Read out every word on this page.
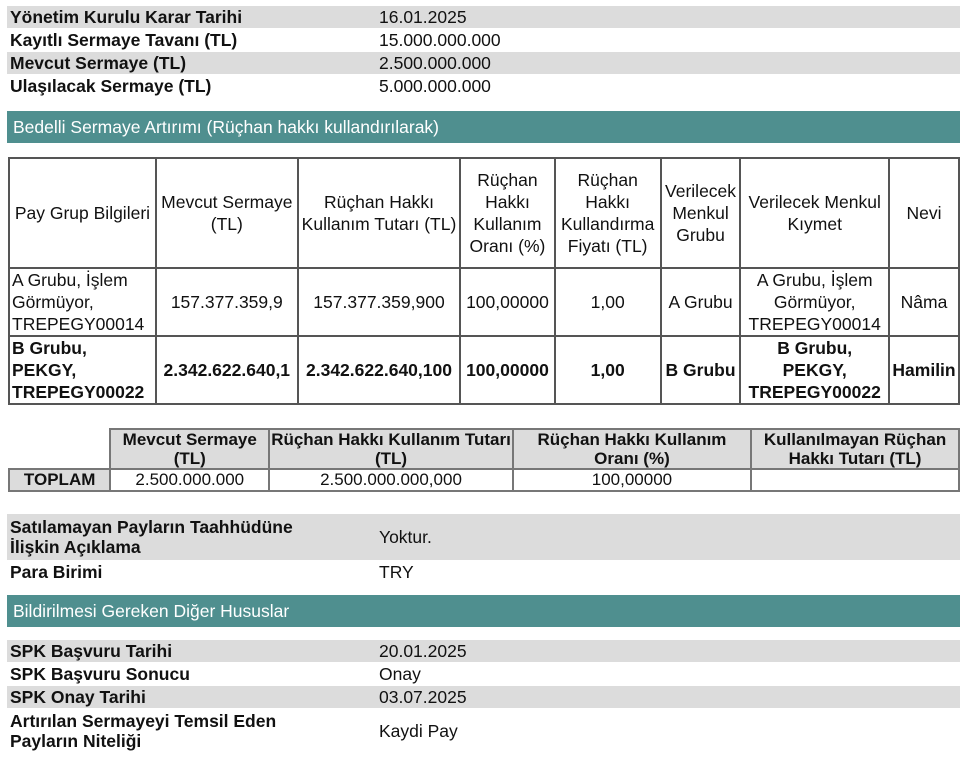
Yönetim Kurulu Karar Tarihi	16.01.2025
Kayıtlı Sermaye Tavanı (TL)	15.000.000.000
Mevcut Sermaye (TL)	2.500.000.000
Ulaşılacak Sermaye (TL)	5.000.000.000
Bedelli Sermaye Artırımı (Rüçhan hakkı kullandırılarak)
Pay Grup Bilgileri	Mevcut Sermaye (TL)	Rüçhan Hakkı Kullanım Tutarı (TL)	Rüçhan Hakkı Kullanım Oranı (%)	Rüçhan Hakkı Kullandırma Fiyatı (TL)	Verilecek Menkul Grubu	Verilecek Menkul Kıymet	Nevi
A Grubu, İşlem Görmüyor, TREPEGY00014	157.377.359,9	157.377.359,900	100,00000	1,00	A Grubu	A Grubu, İşlem Görmüyor, TREPEGY00014	Nâma
B Grubu, PEKGY, TREPEGY00022	2.342.622.640,1	2.342.622.640,100	100,00000	1,00	B Grubu	B Grubu, PEKGY, TREPEGY00022	Hamilin
	Mevcut Sermaye (TL)	Rüçhan Hakkı Kullanım Tutarı (TL)	Rüçhan Hakkı Kullanım Oranı (%)	Kullanılmayan Rüçhan Hakkı Tutarı (TL)
TOPLAM	2.500.000.000	2.500.000.000,000	100,00000	
Satılamayan Payların Taahhüdüne İlişkin Açıklama	Yoktur.
Para Birimi	TRY
Bildirilmesi Gereken Diğer Hususlar
SPK Başvuru Tarihi	20.01.2025
SPK Başvuru Sonucu	Onay
SPK Onay Tarihi	03.07.2025
Artırılan Sermayeyi Temsil Eden Payların Niteliği	Kaydi Pay
